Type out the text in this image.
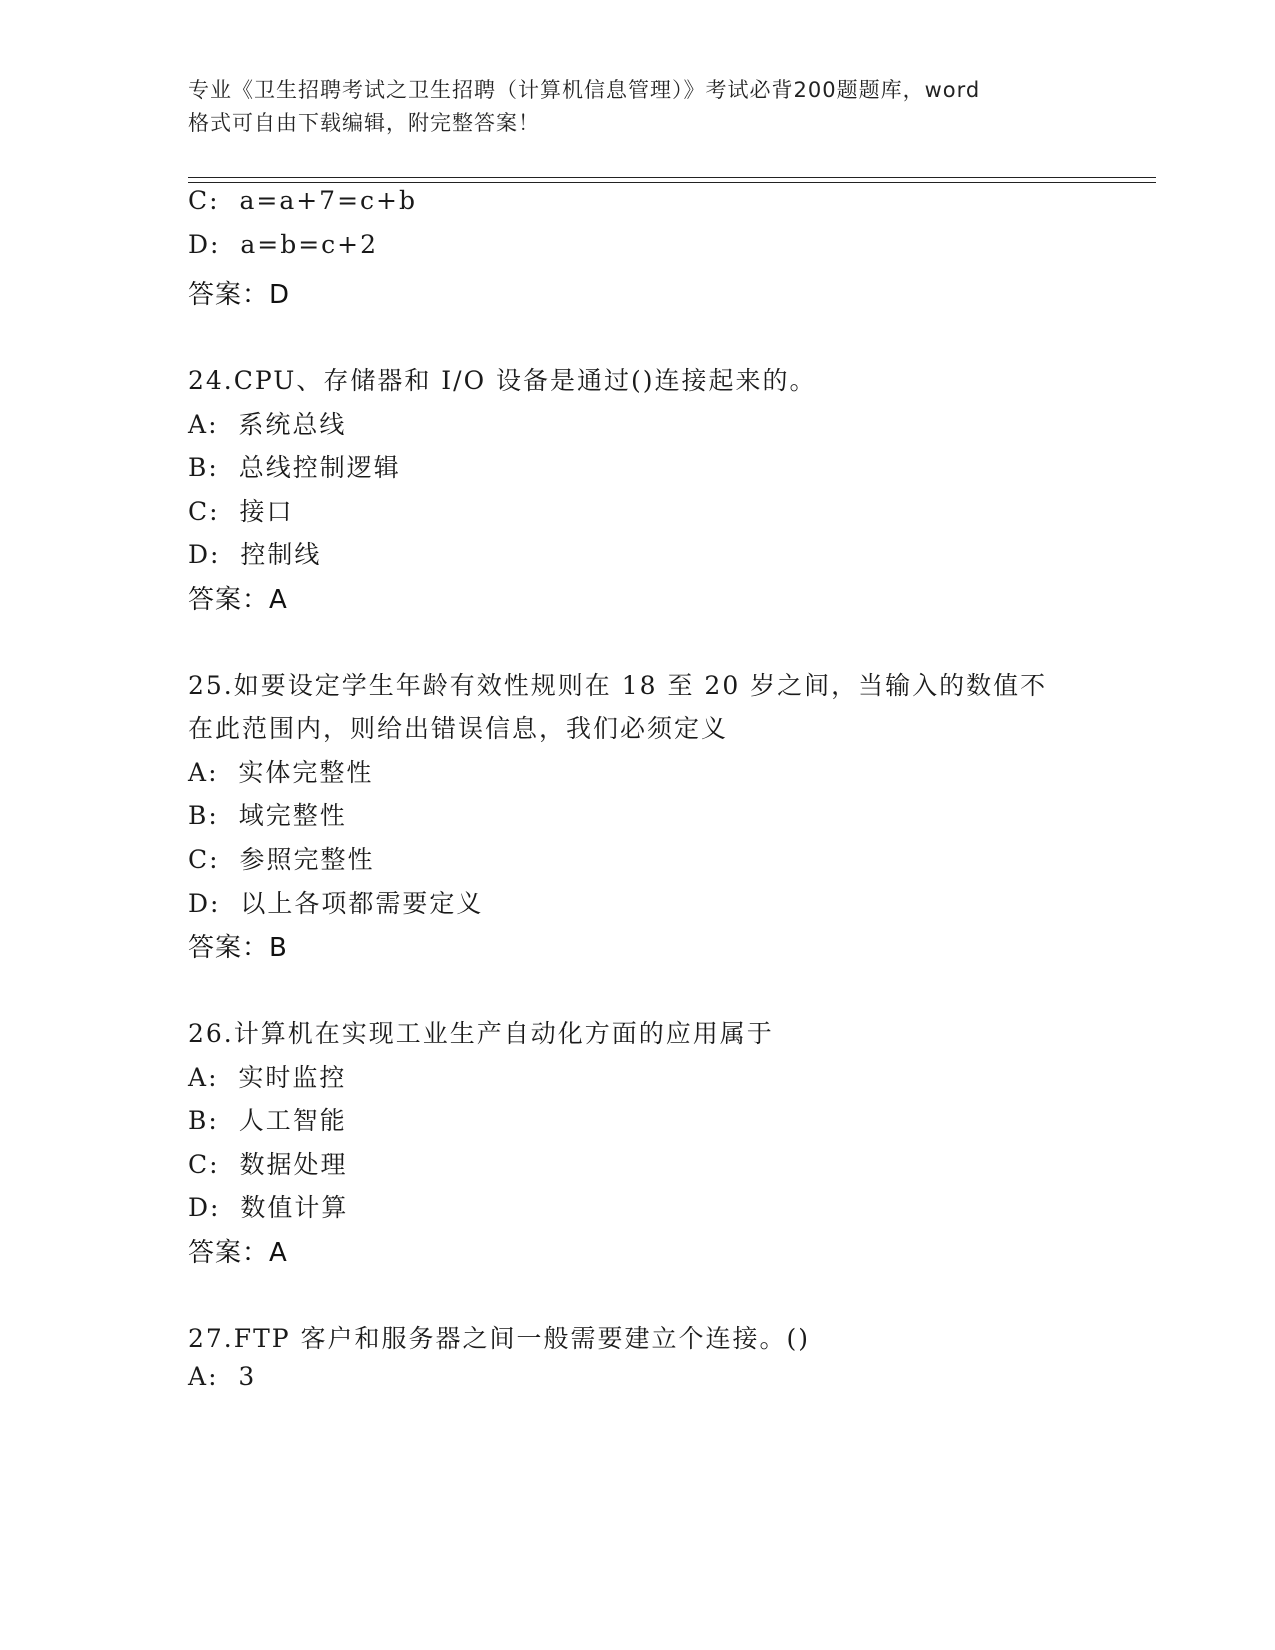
专业《卫生招聘考试之卫生招聘（计算机信息管理）》考试必背200题题库，word
格式可自由下载编辑，附完整答案！
C:  a=a+7=c+b
D:  a=b=c+2
答案：D
24.CPU、存储器和 I/O 设备是通过()连接起来的。
A:  系统总线
B:  总线控制逻辑
C:  接口
D:  控制线
答案：A
25.如要设定学生年龄有效性规则在 18 至 20 岁之间，当输入的数值不
在此范围内，则给出错误信息，我们必须定义
A:  实体完整性
B:  域完整性
C:  参照完整性
D:  以上各项都需要定义
答案：B
26.计算机在实现工业生产自动化方面的应用属于
A:  实时监控
B:  人工智能
C:  数据处理
D:  数值计算
答案：A
27.FTP 客户和服务器之间一般需要建立个连接。()
A:  3
